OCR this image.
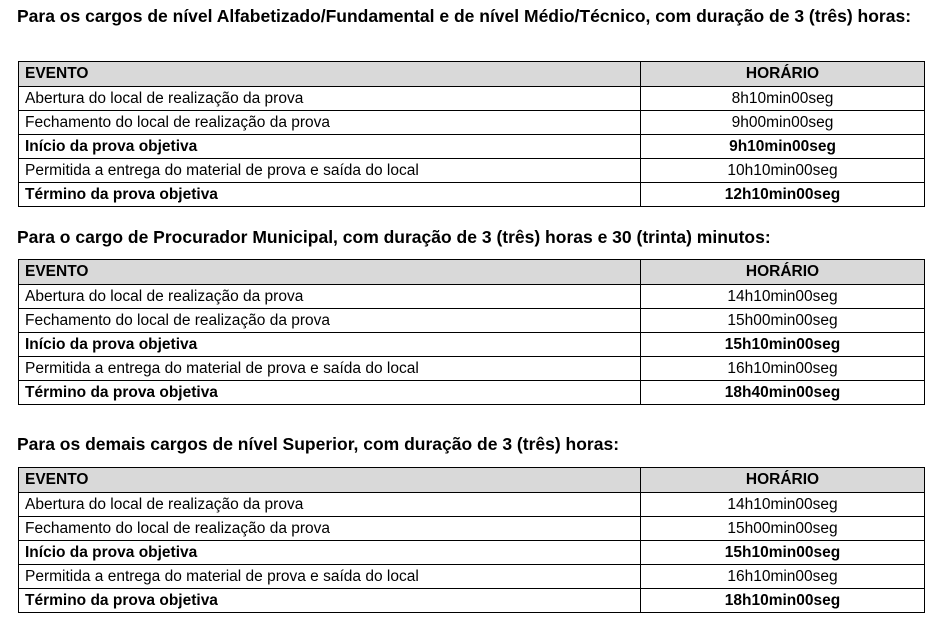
Para os cargos de nível Alfabetizado/Fundamental e de nível Médio/Técnico, com duração de 3 (três) horas:

EVENTO	HORÁRIO
Abertura do local de realização da prova	8h10min00seg
Fechamento do local de realização da prova	9h00min00seg
Início da prova objetiva	9h10min00seg
Permitida a entrega do material de prova e saída do local	10h10min00seg
Término da prova objetiva	12h10min00seg

Para o cargo de Procurador Municipal, com duração de 3 (três) horas e 30 (trinta) minutos:

EVENTO	HORÁRIO
Abertura do local de realização da prova	14h10min00seg
Fechamento do local de realização da prova	15h00min00seg
Início da prova objetiva	15h10min00seg
Permitida a entrega do material de prova e saída do local	16h10min00seg
Término da prova objetiva	18h40min00seg

Para os demais cargos de nível Superior, com duração de 3 (três) horas:

EVENTO	HORÁRIO
Abertura do local de realização da prova	14h10min00seg
Fechamento do local de realização da prova	15h00min00seg
Início da prova objetiva	15h10min00seg
Permitida a entrega do material de prova e saída do local	16h10min00seg
Término da prova objetiva	18h10min00seg
